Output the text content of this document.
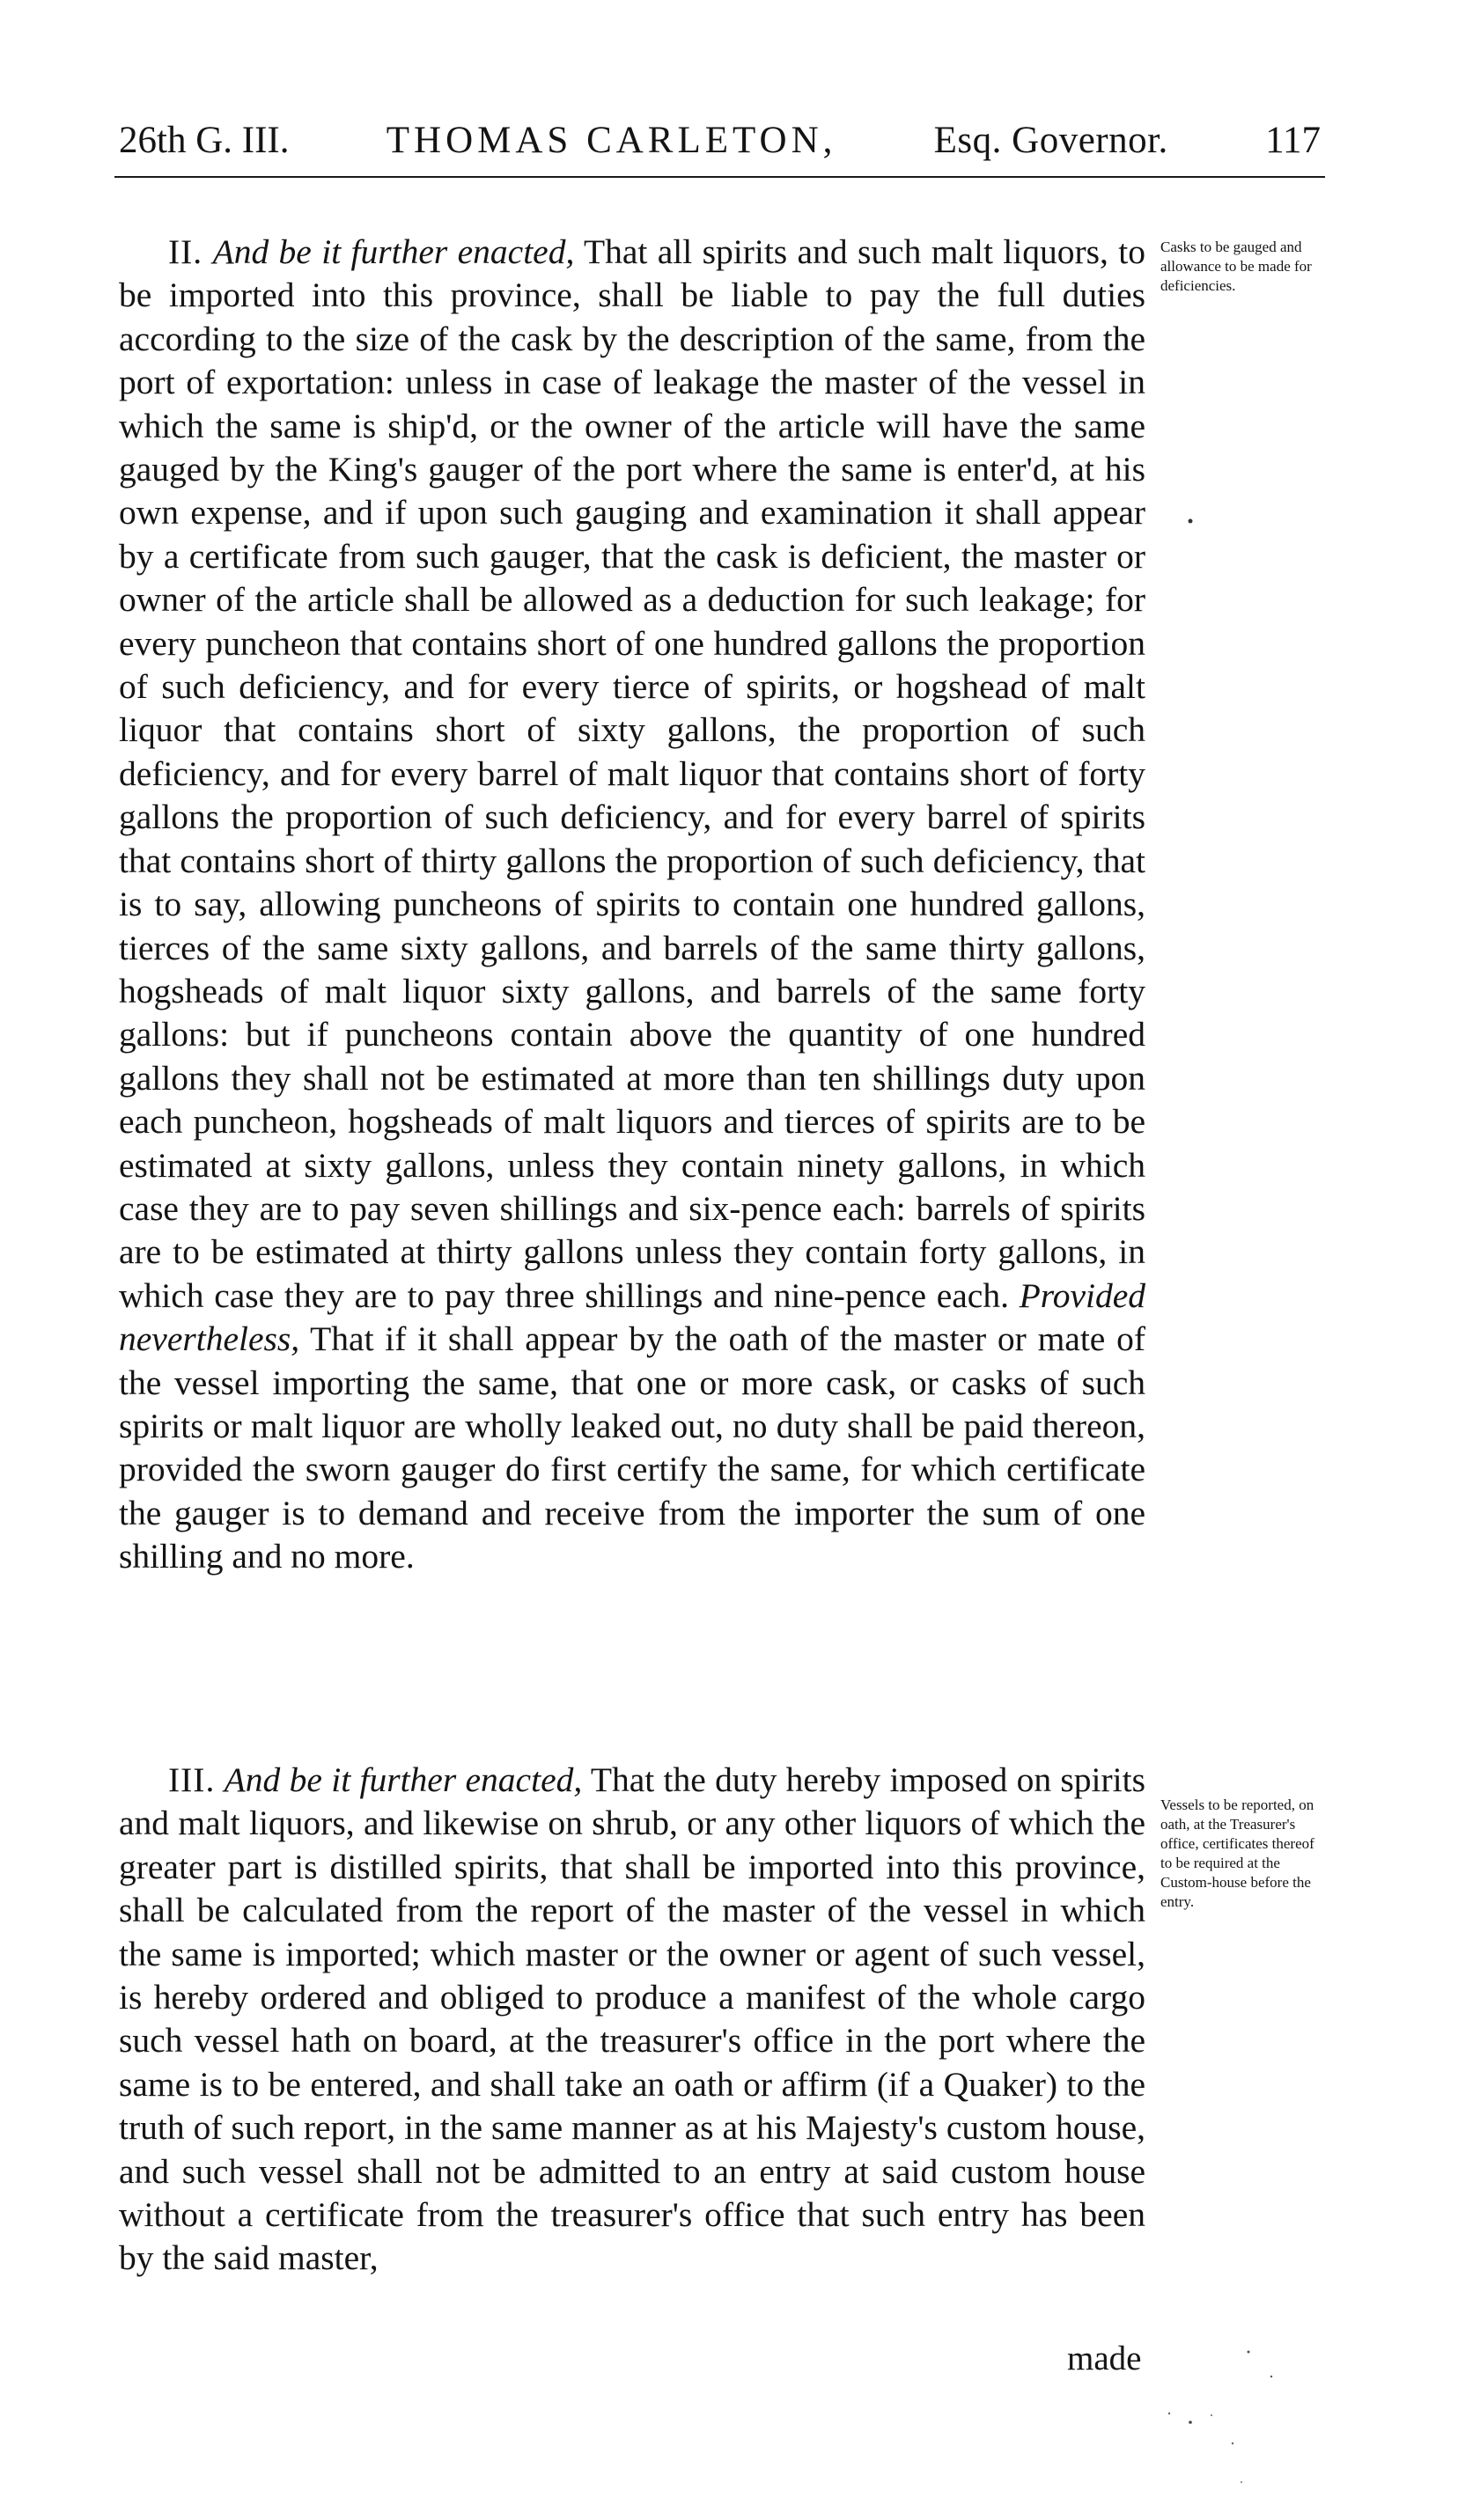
26th G. III.	THOMAS CARLETON,	Esq. Governor.	117
II. And be it further enacted, That all spirits and such malt liquors, to be imported into this province, shall be liable to pay the full duties according to the size of the cask by the description of the same, from the port of exportation: unless in case of leakage the master of the vessel in which the same is ship'd, or the owner of the article will have the same gauged by the King's gauger of the port where the same is enter'd, at his own expense, and if upon such gauging and examination it shall appear by a certificate from such gauger, that the cask is deficient, the master or owner of the article shall be allowed as a deduction for such leakage; for every puncheon that contains short of one hundred gallons the proportion of such deficiency, and for every tierce of spirits, or hogshead of malt liquor that contains short of sixty gallons, the proportion of such deficiency, and for every barrel of malt liquor that contains short of forty gallons the proportion of such deficiency, and for every barrel of spirits that contains short of thirty gallons the proportion of such deficiency, that is to say, allowing puncheons of spirits to contain one hundred gallons, tierces of the same sixty gallons, and barrels of the same thirty gallons, hogsheads of malt liquor sixty gallons, and barrels of the same forty gallons: but if puncheons contain above the quantity of one hundred gallons they shall not be estimated at more than ten shillings duty upon each puncheon, hogsheads of malt liquors and tierces of spirits are to be estimated at sixty gallons, unless they contain ninety gallons, in which case they are to pay seven shillings and six-pence each: barrels of spirits are to be estimated at thirty gallons unless they contain forty gallons, in which case they are to pay three shillings and nine-pence each. Provided nevertheless, That if it shall appear by the oath of the master or mate of the vessel importing the same, that one or more cask, or casks of such spirits or malt liquor are wholly leaked out, no duty shall be paid thereon, provided the sworn gauger do first certify the same, for which certificate the gauger is to demand and receive from the importer the sum of one shilling and no more.
Casks to be gauged and allowance to be made for deficiencies.
III. And be it further enacted, That the duty hereby imposed on spirits and malt liquors, and likewise on shrub, or any other liquors of which the greater part is distilled spirits, that shall be imported into this province, shall be calculated from the report of the master of the vessel in which the same is imported; which master or the owner or agent of such vessel, is hereby ordered and obliged to produce a manifest of the whole cargo such vessel hath on board, at the treasurer's office in the port where the same is to be entered, and shall take an oath or affirm (if a Quaker) to the truth of such report, in the same manner as at his Majesty's custom house, and such vessel shall not be admitted to an entry at said custom house without a certificate from the treasurer's office that such entry has been by the said master,
Vessels to be reported, on oath, at the Treasurer's office, certificates thereof to be required at the Custom-house before the entry.
made
